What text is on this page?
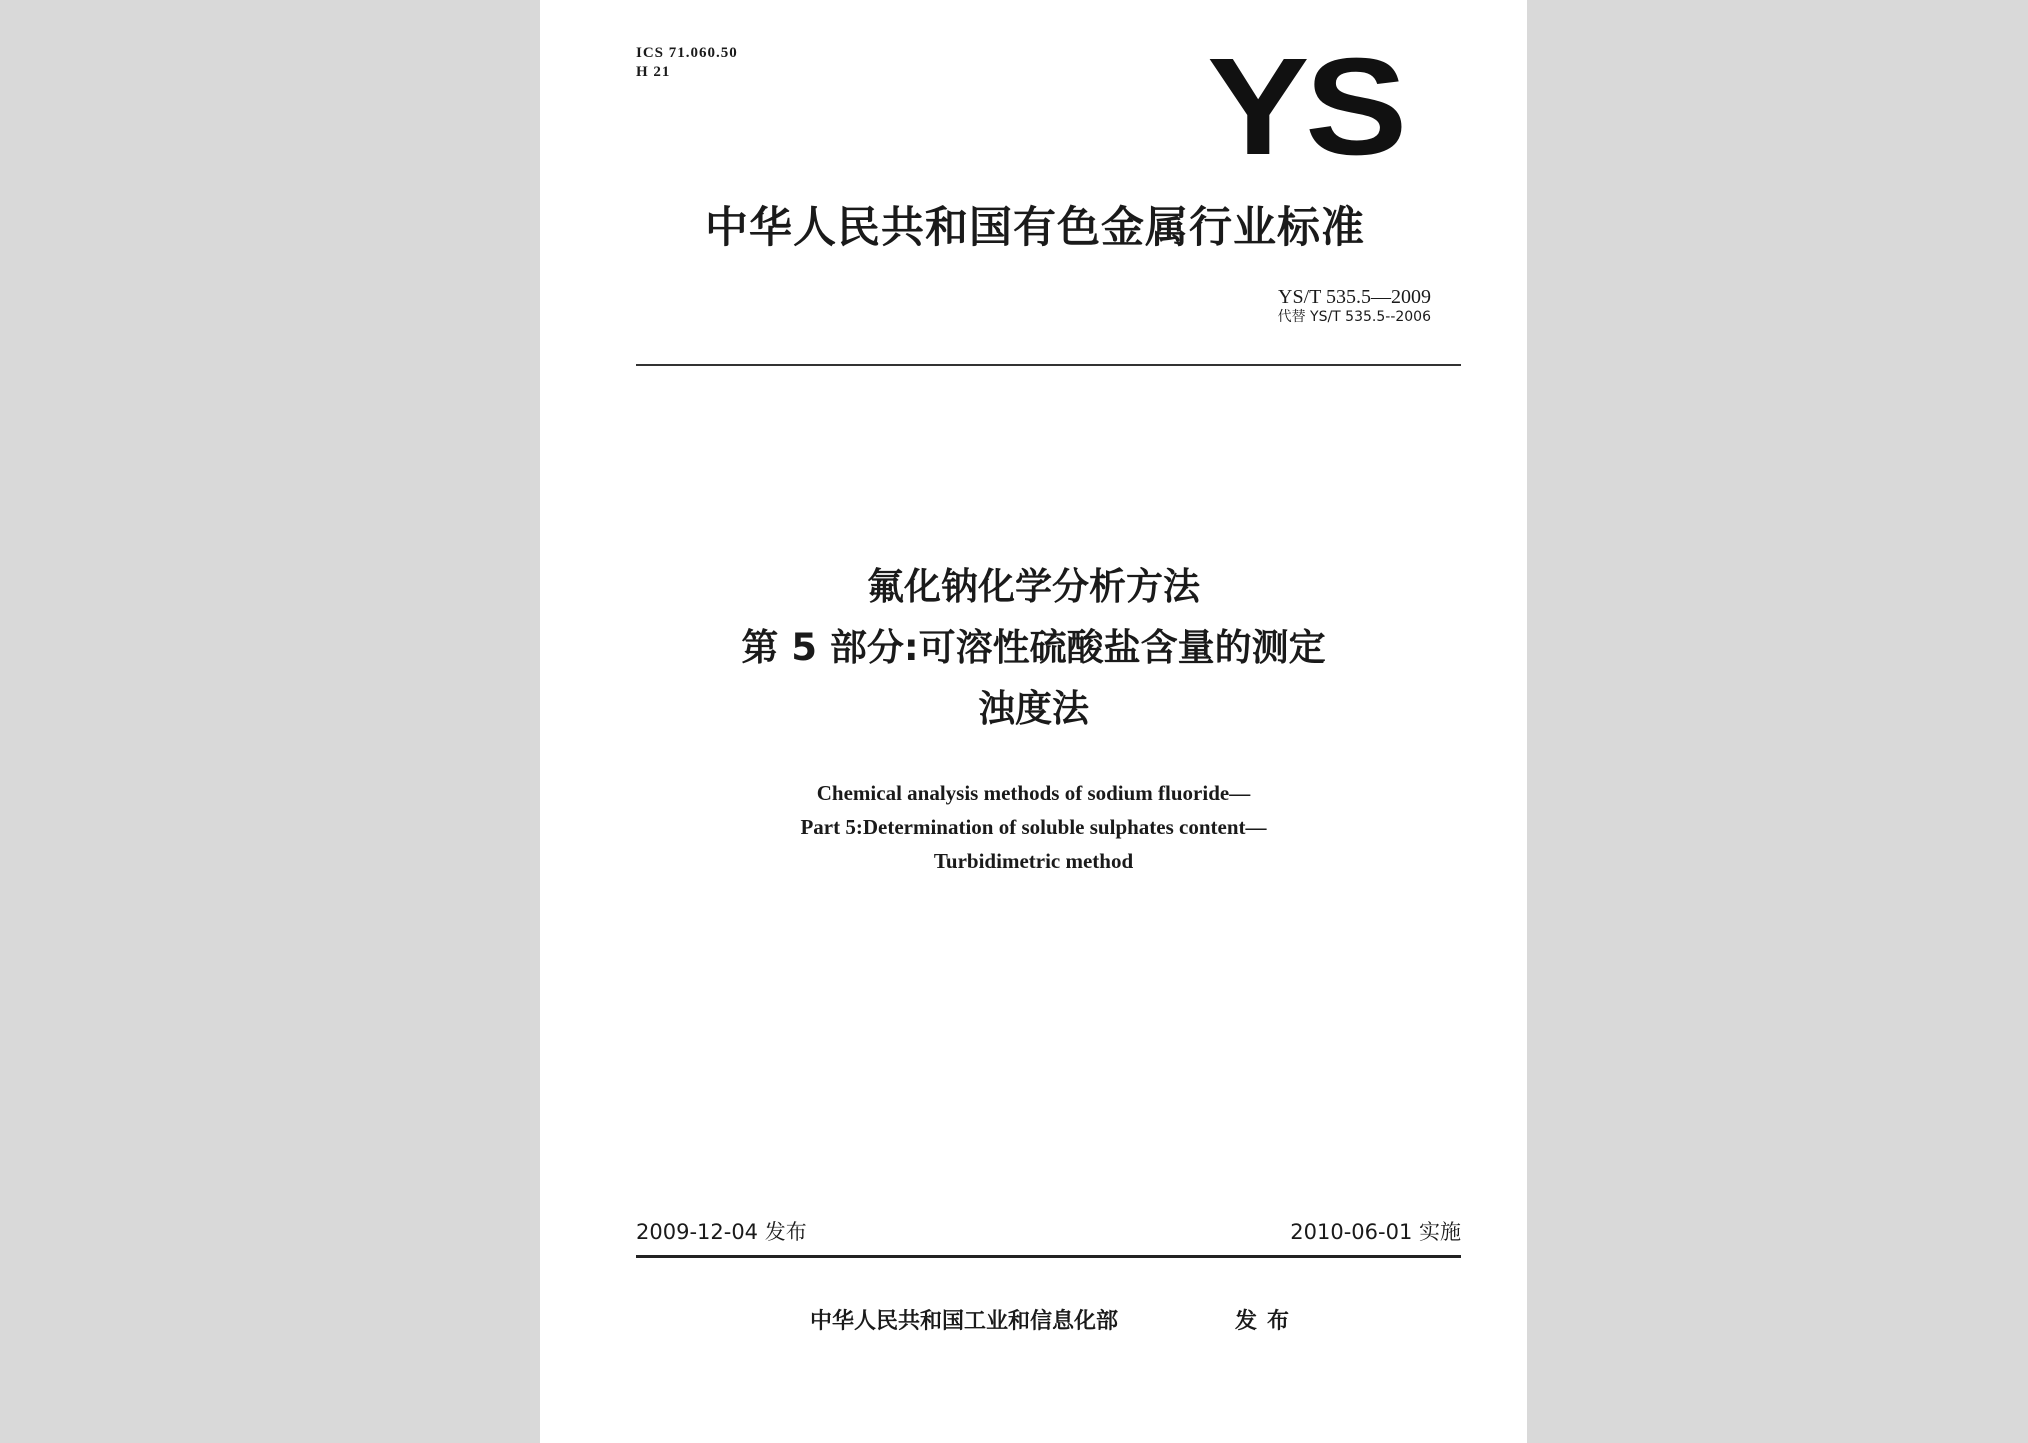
ICS 71.060.50
H 21	YS
中华人民共和国有色金属行业标准
YS/T 535.5—2009
代替 YS/T 535.5--2006
氟化钠化学分析方法
第 5 部分:可溶性硫酸盐含量的测定
浊度法
Chemical analysis methods of sodium fluoride—
Part 5:Determination of soluble sulphates content—
Turbidimetric method
2009-12-04 发布	2010-06-01 实施
中华人民共和国工业和信息化部	发布
